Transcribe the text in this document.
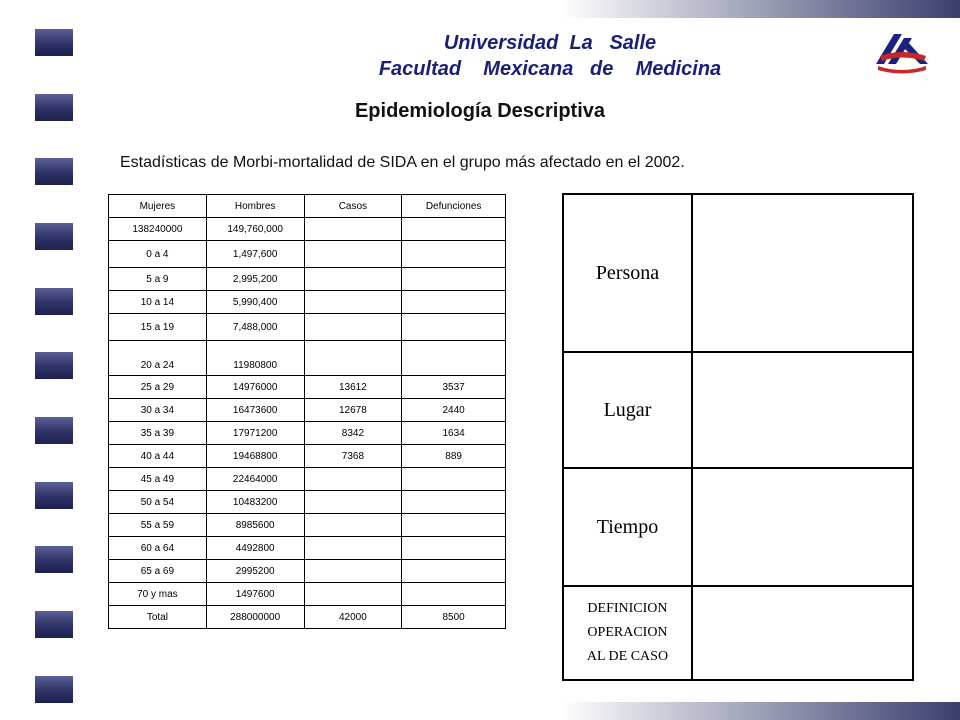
Universidad  La   Salle
Facultad    Mexicana   de    Medicina
Epidemiología Descriptiva
Estadísticas de Morbi-mortalidad de SIDA en el grupo más afectado en el 2002.
Mujeres	Hombres	Casos	Defunciones
138240000	149,760,000		
0 a 4	1,497,600		
5 a 9	2,995,200		
10 a 14	5,990,400		
15 a 19	7,488,000		
20 a 24	11980800		
25 a 29	14976000	13612	3537
30 a 34	16473600	12678	2440
35 a 39	17971200	8342	1634
40 a 44	19468800	7368	889
45 a 49	22464000		
50 a 54	10483200		
55 a 59	8985600		
60 a 64	4492800		
65 a 69	2995200		
70 y mas	1497600		
Total	288000000	42000	8500
Persona	
Lugar	
Tiempo	
DEFINICION
OPERACION
AL DE CASO	
